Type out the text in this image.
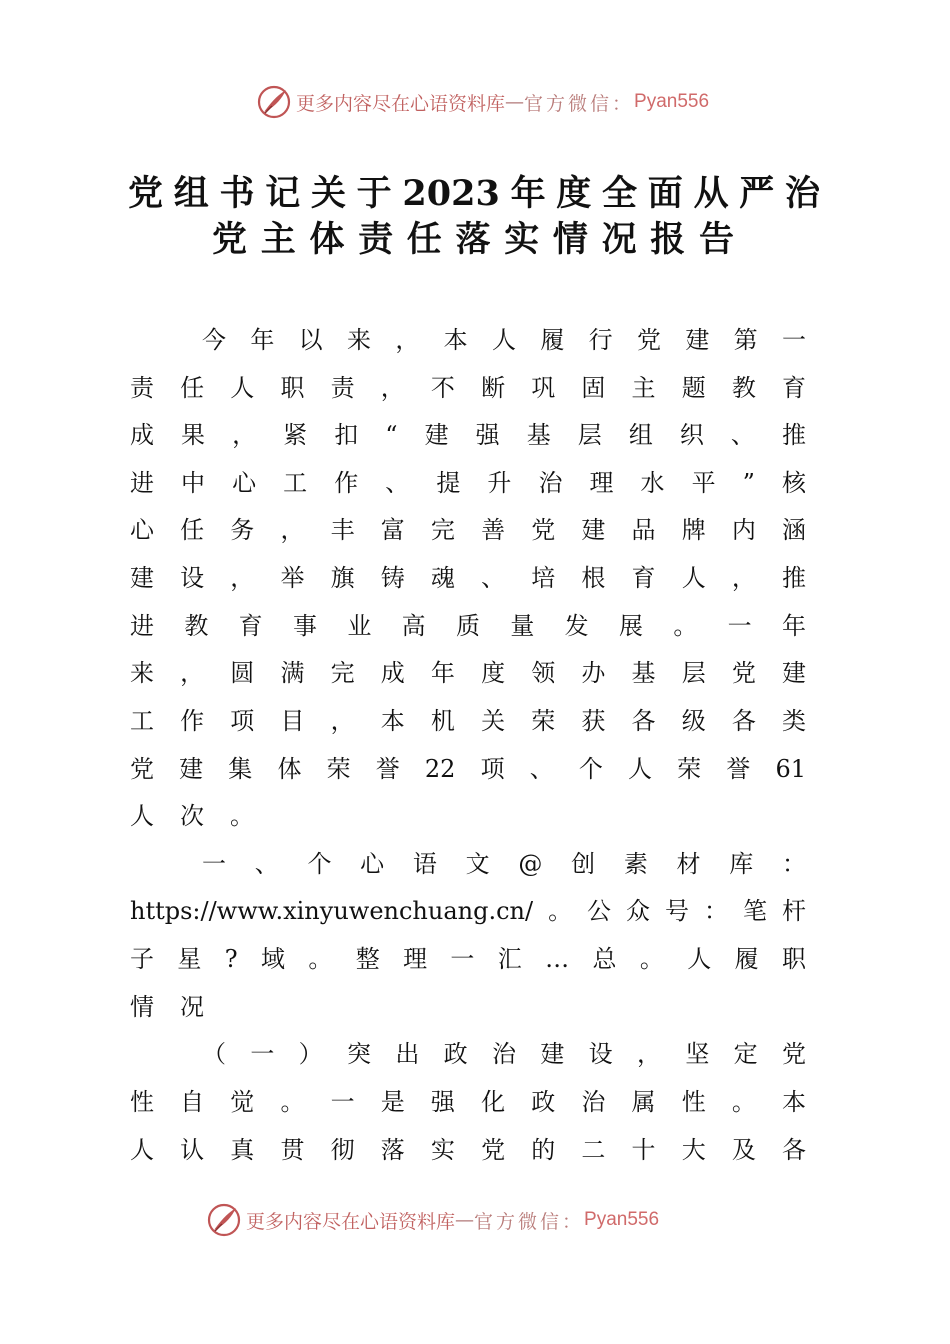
更多内容尽在心语资料库 — 官方微信： Pyan556
党组书记关于2023年度全面从严治
党主体责任落实情况报告
今年以来，本人履行党建第一
责任人职责，不断巩固主题教育
成果，紧扣“建强基层组织、推
进中心工作、提升治理水平”核
心任务，丰富完善党建品牌内涵
建设，举旗铸魂、培根育人，推
进教育事业高质量发展。一年
来，圆满完成年度领办基层党建
工作项目，本机关荣获各级各类
党建集体荣誉22项、个人荣誉61
人次。
一、个心语文@创素材库：
https://www.xinyuwenchuang.cn/。公众号：笔杆
子星?域。整理一汇…总。人履职
情况
（一）突出政治建设，坚定党
性自觉。一是强化政治属性。本
人认真贯彻落实党的二十大及各
更多内容尽在心语资料库 — 官方微信： Pyan556
